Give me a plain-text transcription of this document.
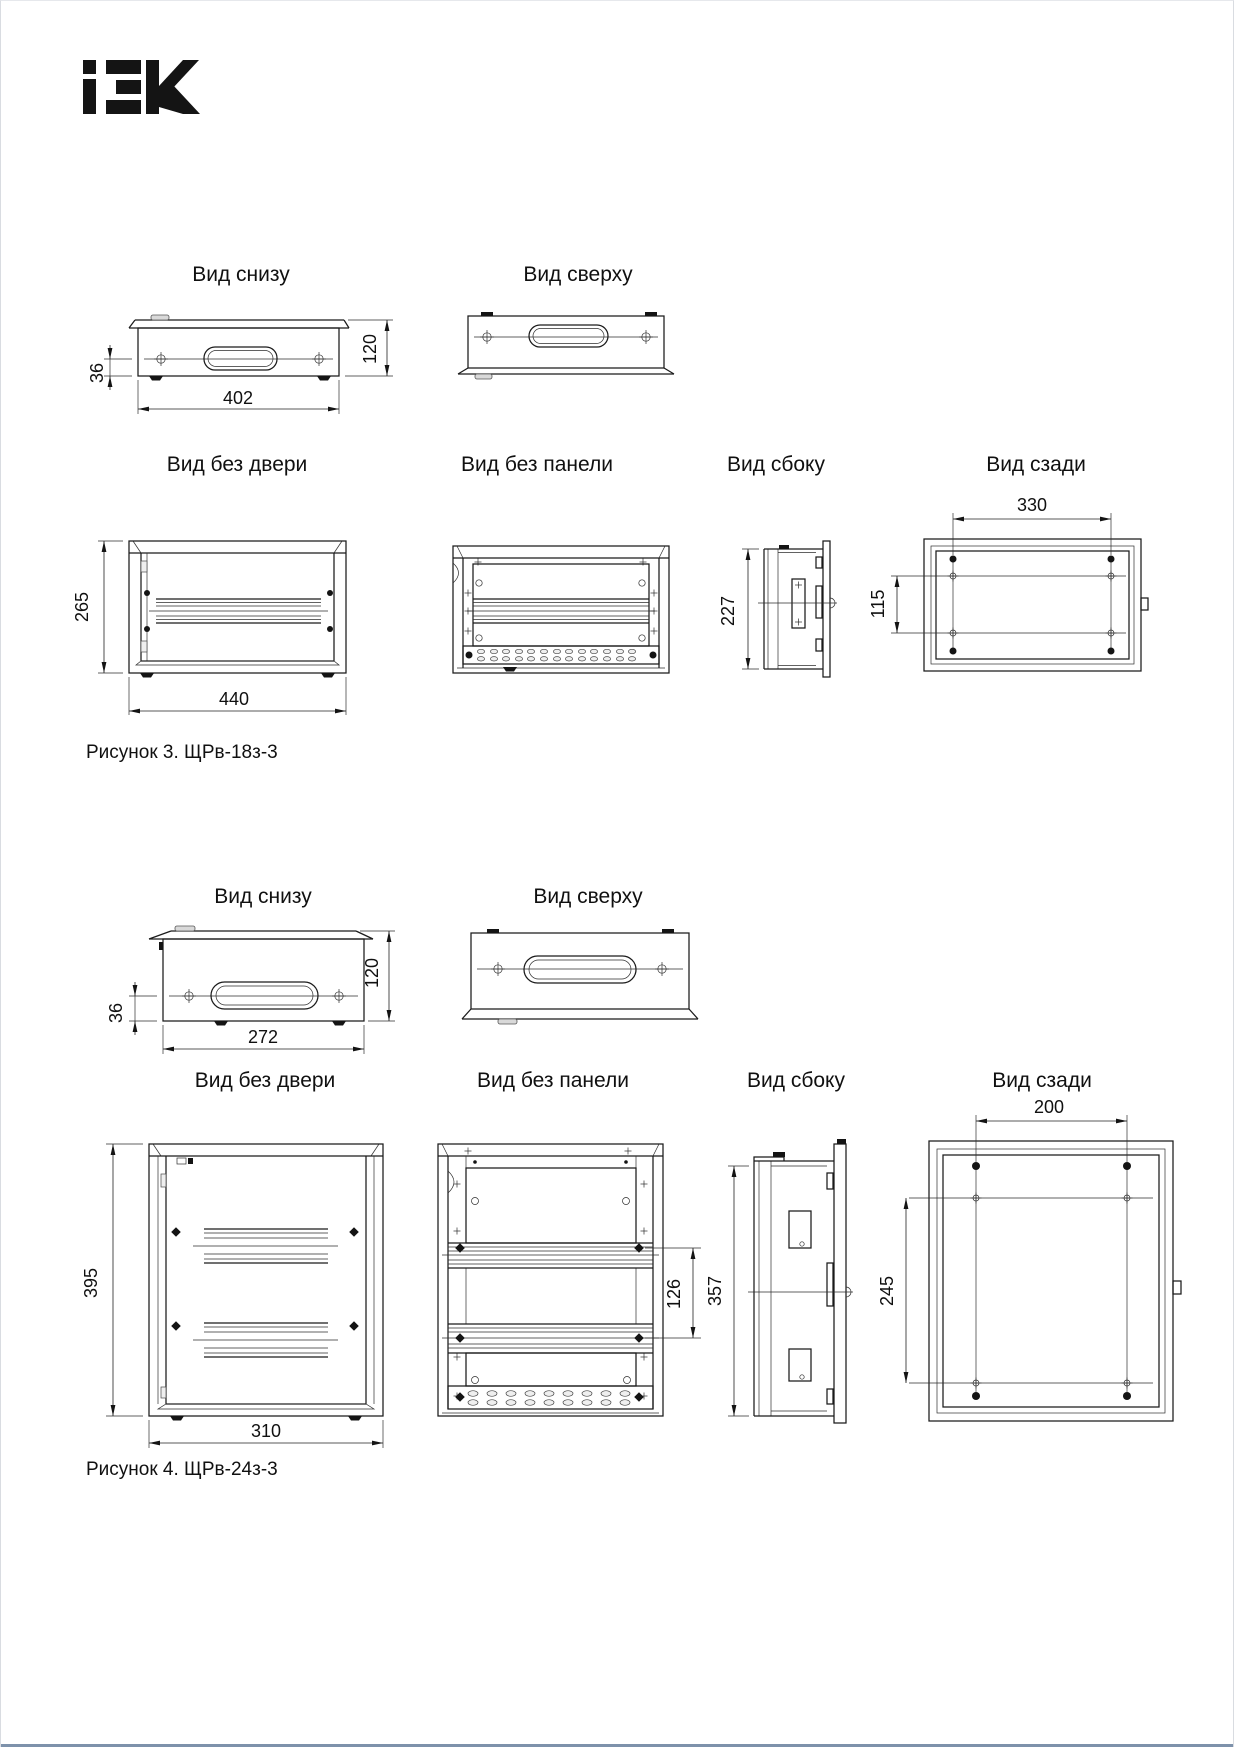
Вид снизу	Вид сверху
36
120
402
Вид без двери	Вид без панели	Вид сбоку	Вид сзади
265
440
227
330
115
Рисунок 3. ЩРв-18з-3
Вид снизу	Вид сверху
36
120
272
Вид без двери	Вид без панели	Вид сбоку	Вид сзади
395
310
126 357
200
245
Рисунок 4. ЩРв-24з-3
